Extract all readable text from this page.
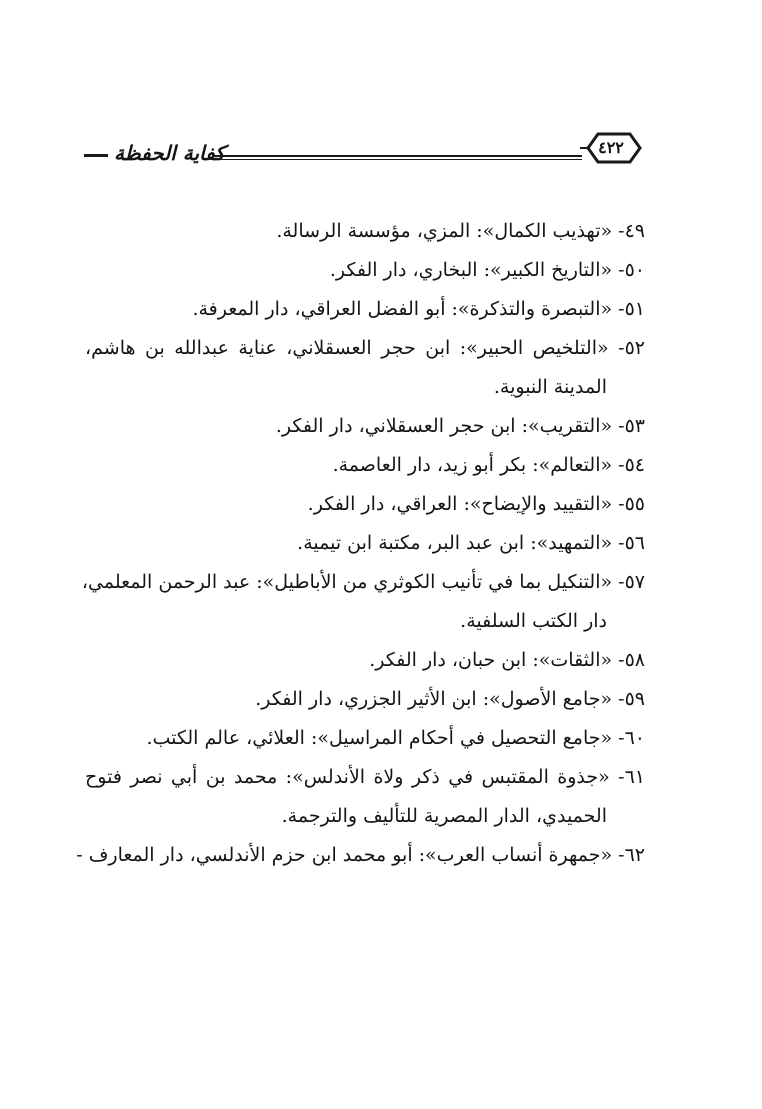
كفاية الحفظة	٤٢٢
٤٩- «تهذيب الكمال»: المزي، مؤسسة الرسالة.
٥٠- «التاريخ الكبير»: البخاري، دار الفكر.
٥١- «التبصرة والتذكرة»: أبو الفضل العراقي، دار المعرفة.
٥٢- «التلخيص الحبير»: ابن حجر العسقلاني، عناية عبدالله بن هاشم،
المدينة النبوية.
٥٣- «التقريب»: ابن حجر العسقلاني، دار الفكر.
٥٤- «التعالم»: بكر أبو زيد، دار العاصمة.
٥٥- «التقييد والإيضاح»: العراقي، دار الفكر.
٥٦- «التمهيد»: ابن عبد البر، مكتبة ابن تيمية.
٥٧- «التنكيل بما في تأنيب الكوثري من الأباطيل»: عبد الرحمن المعلمي،
دار الكتب السلفية.
٥٨- «الثقات»: ابن حبان، دار الفكر.
٥٩- «جامع الأصول»: ابن الأثير الجزري، دار الفكر.
٦٠- «جامع التحصيل في أحكام المراسيل»: العلائي، عالم الكتب.
٦١- «جذوة المقتبس في ذكر ولاة الأندلس»: محمد بن أبي نصر فتوح
الحميدي، الدار المصرية للتأليف والترجمة.
٦٢- «جمهرة أنساب العرب»: أبو محمد ابن حزم الأندلسي، دار المعارف -
